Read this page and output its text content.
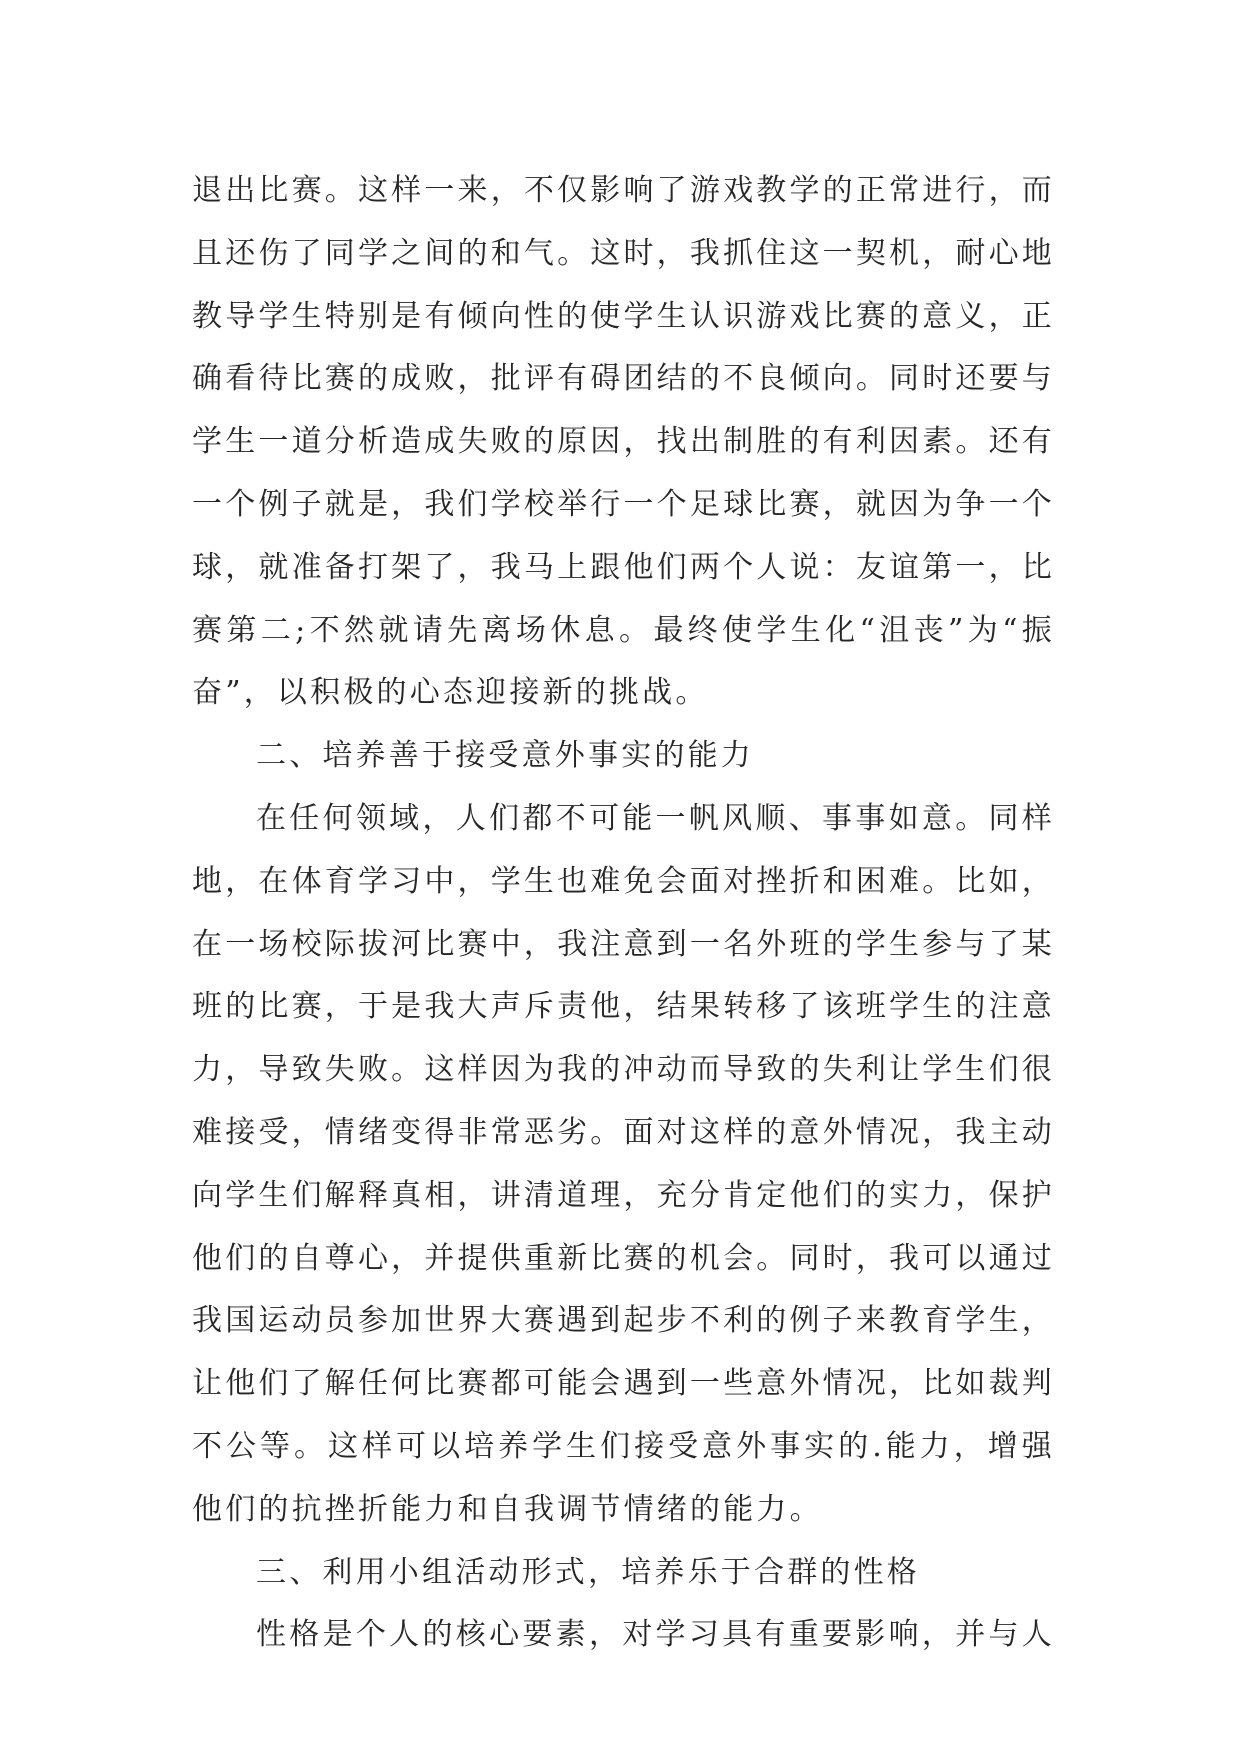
退出比赛。这样一来，不仅影响了游戏教学的正常进行，而
且还伤了同学之间的和气。这时，我抓住这一契机，耐心地
教导学生特别是有倾向性的使学生认识游戏比赛的意义，正
确看待比赛的成败，批评有碍团结的不良倾向。同时还要与
学生一道分析造成失败的原因，找出制胜的有利因素。还有
一个例子就是，我们学校举行一个足球比赛，就因为争一个
球，就准备打架了，我马上跟他们两个人说：友谊第一，比
赛第二;不然就请先离场休息。最终使学生化“沮丧”为“振
奋”，以积极的心态迎接新的挑战。
二、培养善于接受意外事实的能力
在任何领域，人们都不可能一帆风顺、事事如意。同样
地，在体育学习中，学生也难免会面对挫折和困难。比如，
在一场校际拔河比赛中，我注意到一名外班的学生参与了某
班的比赛，于是我大声斥责他，结果转移了该班学生的注意
力，导致失败。这样因为我的冲动而导致的失利让学生们很
难接受，情绪变得非常恶劣。面对这样的意外情况，我主动
向学生们解释真相，讲清道理，充分肯定他们的实力，保护
他们的自尊心，并提供重新比赛的机会。同时，我可以通过
我国运动员参加世界大赛遇到起步不利的例子来教育学生，
让他们了解任何比赛都可能会遇到一些意外情况，比如裁判
不公等。这样可以培养学生们接受意外事实的.能力，增强
他们的抗挫折能力和自我调节情绪的能力。
三、利用小组活动形式，培养乐于合群的性格
性格是个人的核心要素，对学习具有重要影响，并与人
